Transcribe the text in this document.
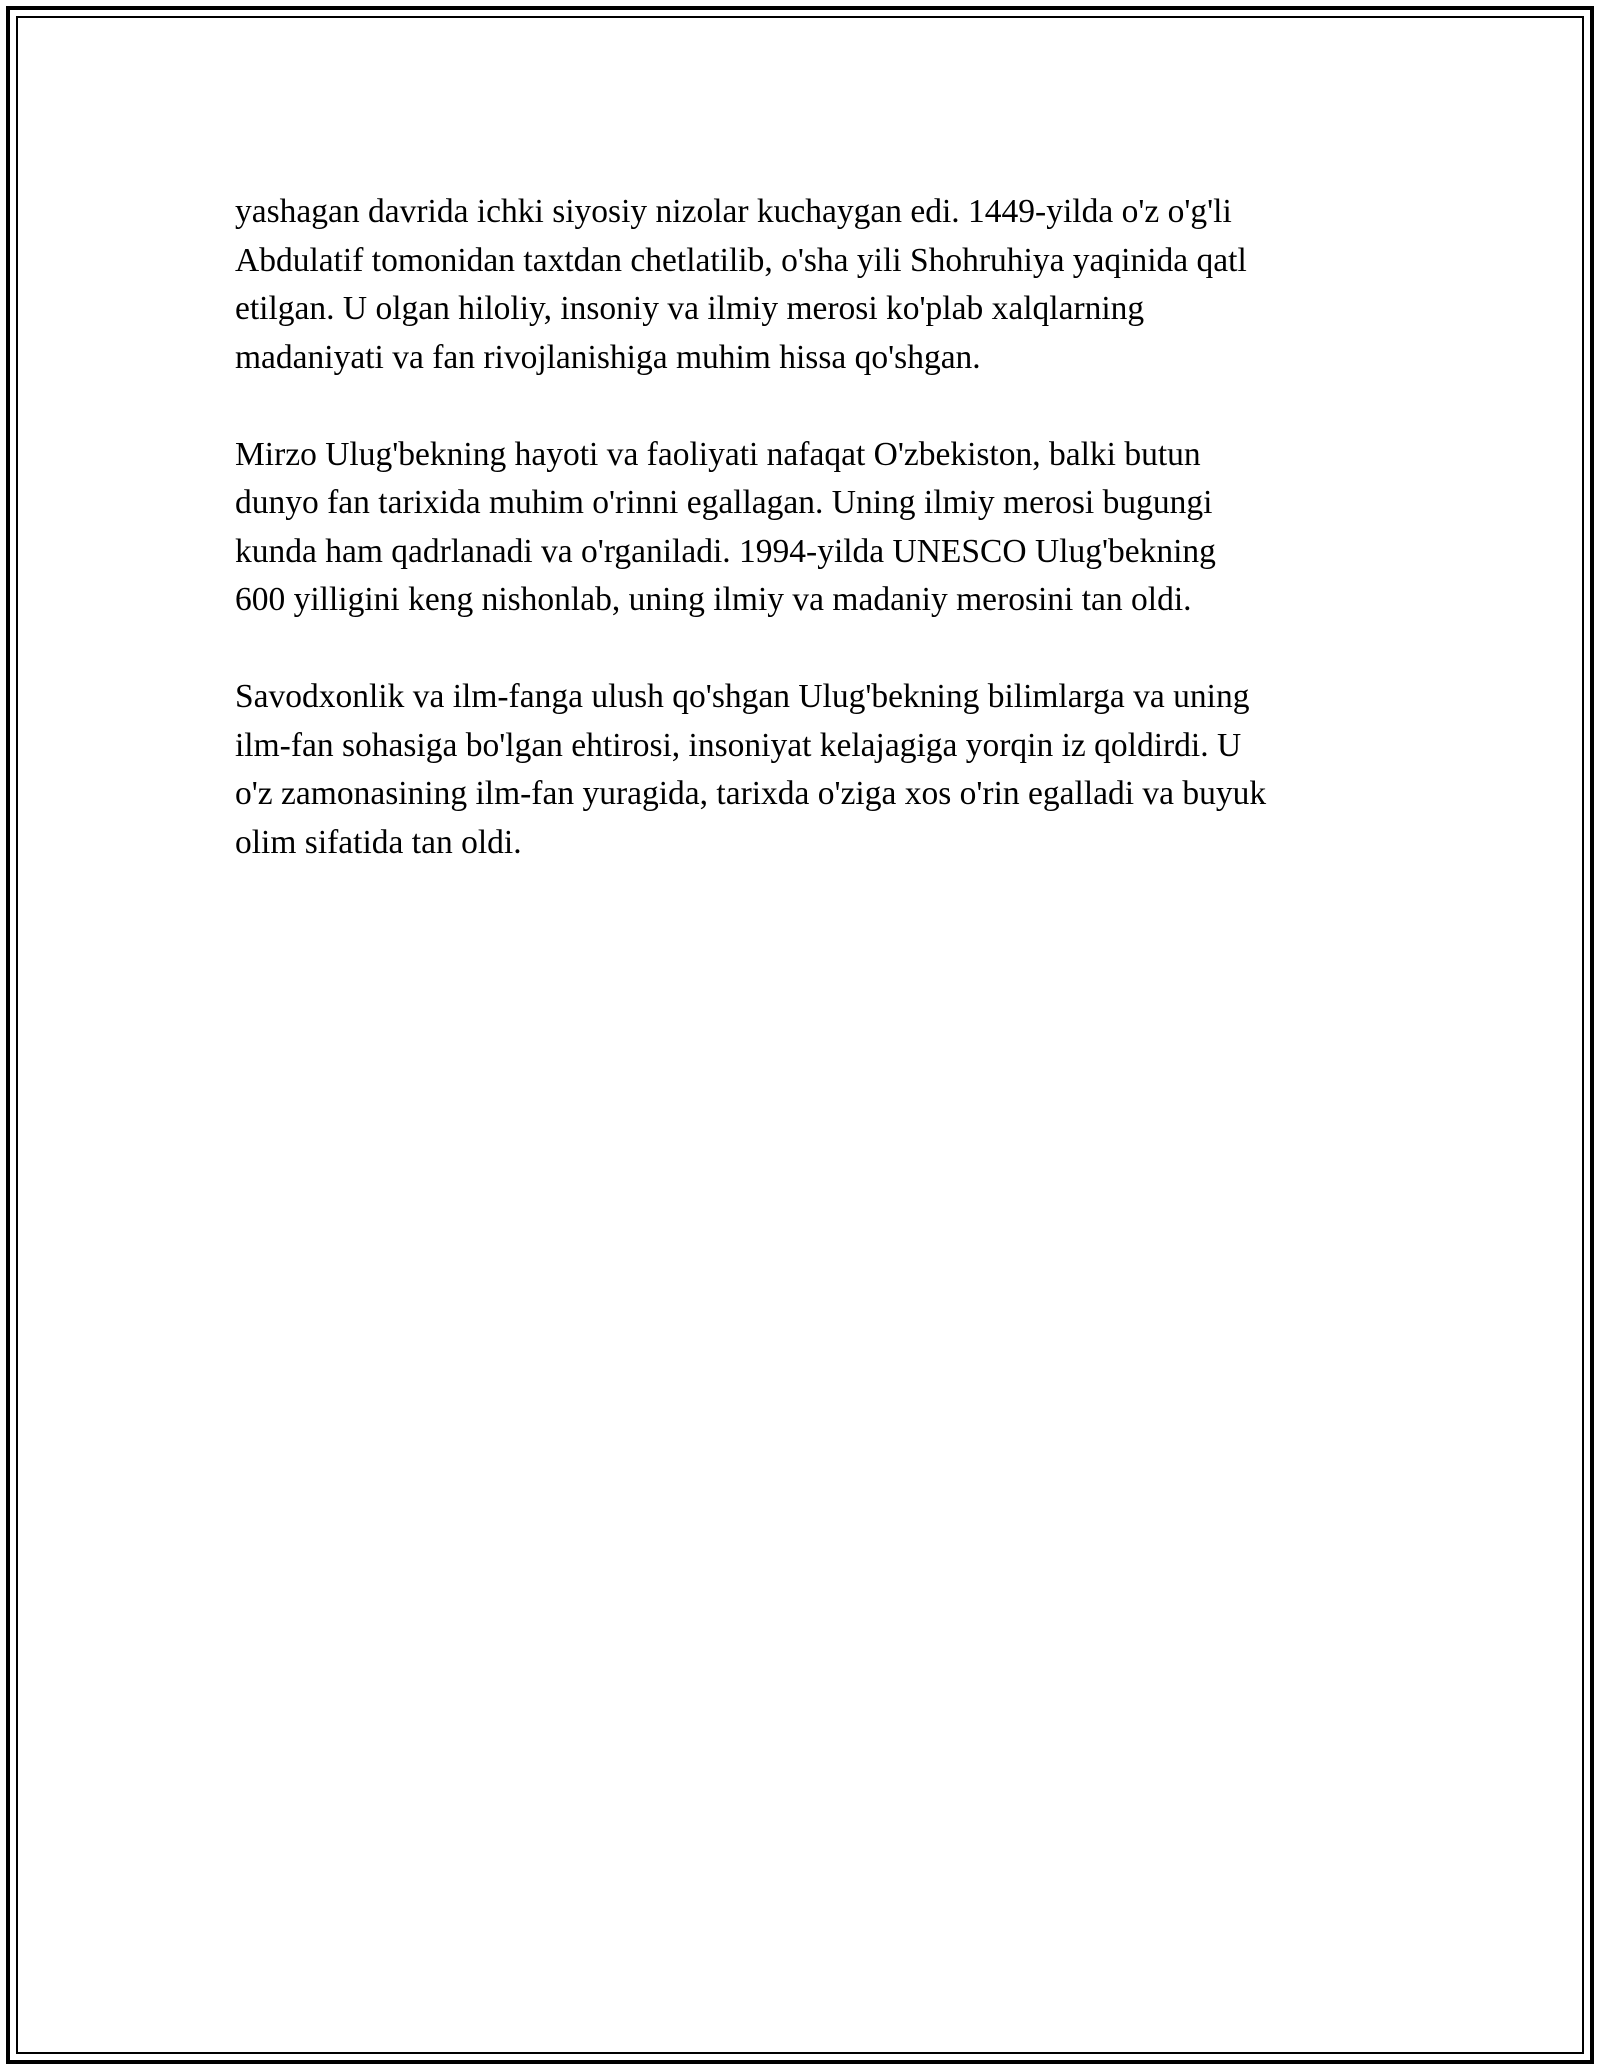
yashagan davrida ichki siyosiy nizolar kuchaygan edi. 1449-yilda o'z o'g'li
Abdulatif tomonidan taxtdan chetlatilib, o'sha yili Shohruhiya yaqinida qatl
etilgan. U olgan hiloliy, insoniy va ilmiy merosi ko'plab xalqlarning
madaniyati va fan rivojlanishiga muhim hissa qo'shgan.

Mirzo Ulug'bekning hayoti va faoliyati nafaqat O'zbekiston, balki butun
dunyo fan tarixida muhim o'rinni egallagan. Uning ilmiy merosi bugungi
kunda ham qadrlanadi va o'rganiladi. 1994-yilda UNESCO Ulug'bekning
600 yilligini keng nishonlab, uning ilmiy va madaniy merosini tan oldi.

Savodxonlik va ilm-fanga ulush qo'shgan Ulug'bekning bilimlarga va uning
ilm-fan sohasiga bo'lgan ehtirosi, insoniyat kelajagiga yorqin iz qoldirdi. U
o'z zamonasining ilm-fan yuragida, tarixda o'ziga xos o'rin egalladi va buyuk
olim sifatida tan oldi.
